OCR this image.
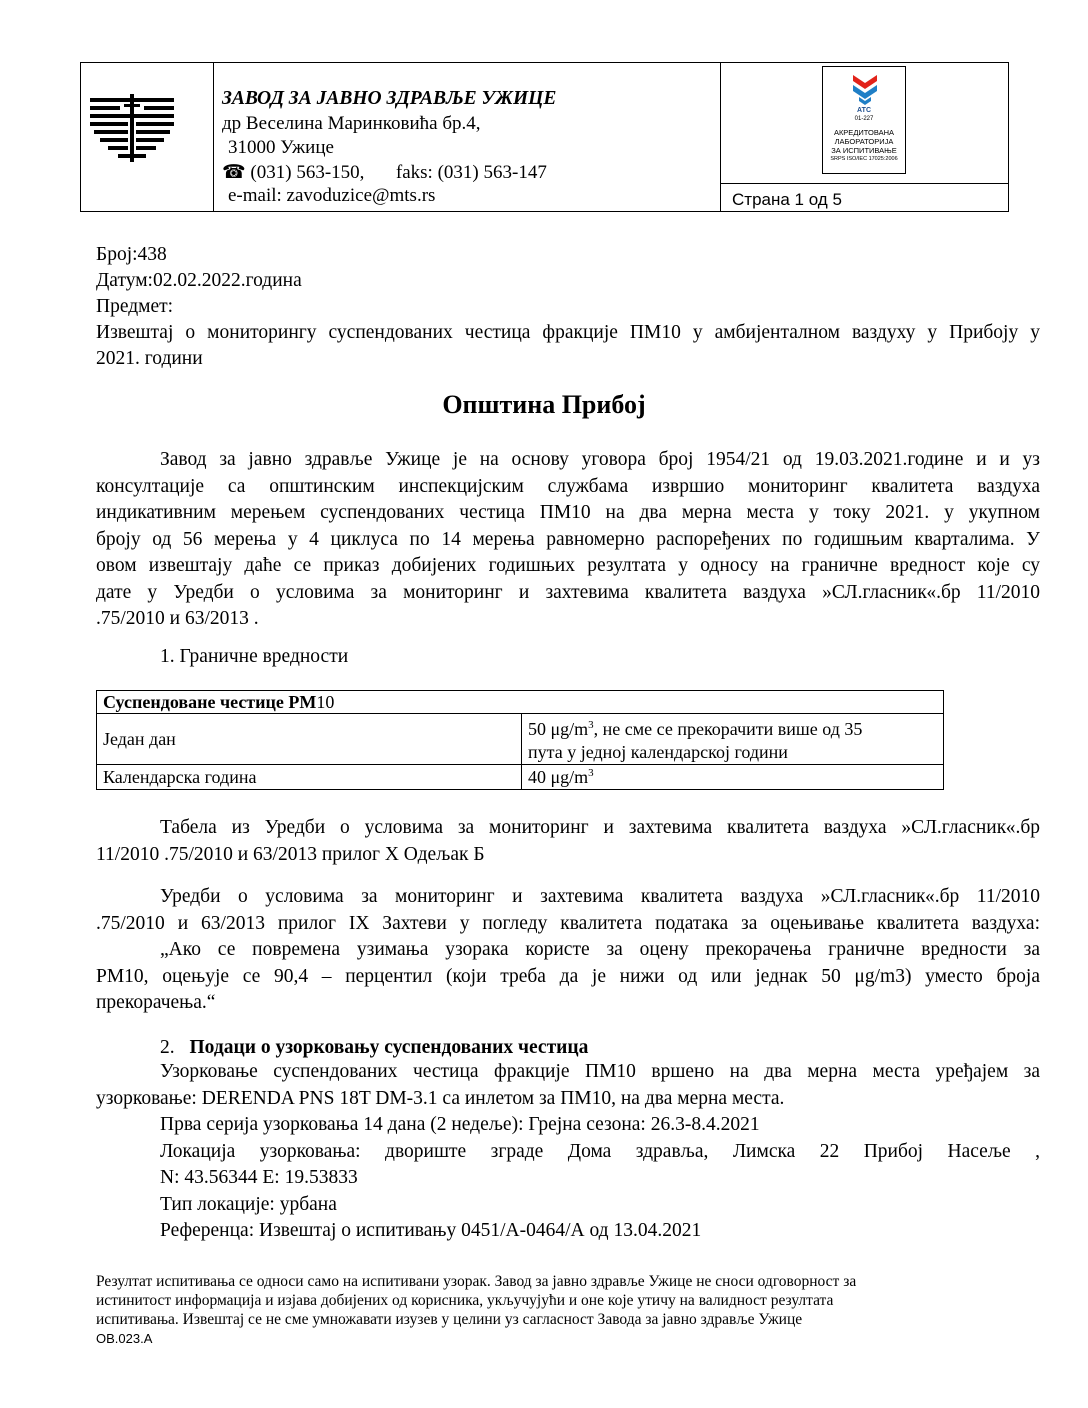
ЗАВОД ЗА ЈАВНО ЗДРАВЉЕ УЖИЦЕ
др Веселина Маринковића бр.4,
31000 Ужице
☎ (031) 563-150, faks: (031) 563-147
e-mail: zavoduzice@mts.rs
АТС
01-227
АКРЕДИТОВАНА
ЛАБОРАТОРИЈА
ЗА ИСПИТИВАЊЕ
SRPS ISO/IEC 17025:2006
Страна 1 од 5
Број:438
Датум:02.02.2022.година
Предмет:
Извештај о мониторингу суспендованих честица фракције ПМ10 у амбијенталном ваздуху у Прибоју у
2021. години
Општина Прибој
Завод за јавно здравље Ужице је на основу уговора број 1954/21 од 19.03.2021.годинe и и уз
консултације са општинским инспекцијским службама извршио мониторинг квалитета ваздуха
индикативним мерењем суспендованих честица ПМ10 на два мерна места у току 2021. у укупном
броју од 56 мерења у 4 циклуса по 14 мерења равномерно распоређених по годишњим кварталима. У
овом извештају даће се приказ добијених годишњих резултата у односу на граничне вредност које су
дате у Уредби о условима за мониторинг и захтевима квалитета ваздуха »СЛ.гласник«.бр 11/2010
.75/2010 и 63/2013 .
1. Граничне вредности
Суспендоване честице PM10	
Један дан	50 $\mu g/m^3$, не сме се прекорачити више од 35
пута у једној календарској години
Календарска година	40 $\mu g/m^3$
Табела из Уредби о условима за мониторинг и захтевима квалитета ваздуха »СЛ.гласник«.бр
11/2010 .75/2010 и 63/2013 прилог X Одељак Б
Уредби о условима за мониторинг и захтевима квалитета ваздуха »СЛ.гласник«.бр 11/2010
.75/2010 и 63/2013 прилог IX Захтеви у погледу квалитета података за оцењивање квалитета ваздуха:
„Ако се повремена узимања узорака користе за оцену прекорачења граничне вредности за
PM10, оцењује се 90,4 – перцентил (који треба да је нижи од или једнак 50 μg/m3) уместо броја
прекорачења.“
2. Подаци о узорковању суспендованих честица
Узорковање суспендованих честица фракције ПМ10 вршено на два мерна места уређајем за
узорковање: DERENDA PNS 18T DM-3.1 са инлетом за ПМ10, на два мерна места.
Прва серија узорковања 14 дана (2 недеље): Грејна сезона: 26.3-8.4.2021
Локација узорковања: двориште зграде Дома здравља, Лимска 22 Прибој Насеље ,
N: 43.56344 E: 19.53833
Тип локације: урбана
Референца: Извештај о испитивању 0451/А-0464/А од 13.04.2021
Резултат испитивања се односи само на испитивани узорак. Завод за јавно здравље Ужице не сноси одговорност за
истинитост информација и изјава добијених од корисника, укључујући и оне које утичу на валидност резултата
испитивања. Извештај се не сме умножавати изузев у целини уз сагласност Завода за јавно здравље Ужице
OB.023.A
